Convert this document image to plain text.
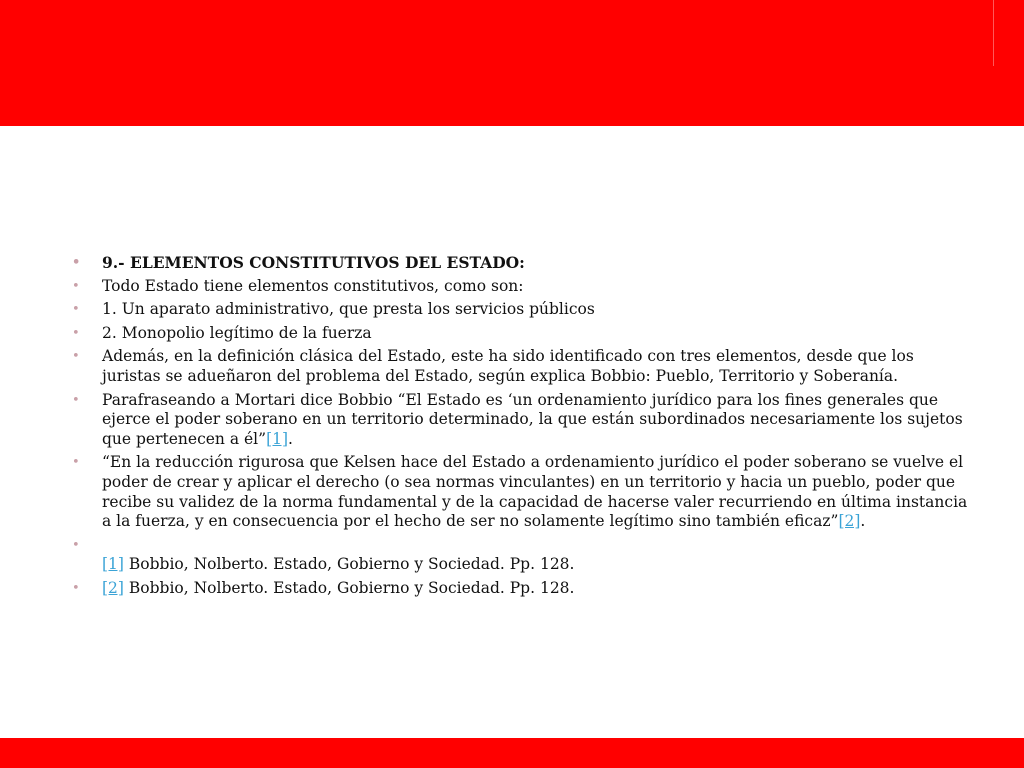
•	9.- ELEMENTOS CONSTITUTIVOS DEL ESTADO:
•	Todo Estado tiene elementos constitutivos, como son:
•	1. Un aparato administrativo, que presta los servicios públicos
•	2. Monopolio legítimo de la fuerza
•	Además, en la definición clásica del Estado, este ha sido identificado con tres elementos, desde que los juristas se adueñaron del problema del Estado, según explica Bobbio: Pueblo, Territorio y Soberanía.
•	Parafraseando a Mortari dice Bobbio “El Estado es ‘un ordenamiento jurídico para los fines generales que ejerce el poder soberano en un territorio determinado, la que están subordinados necesariamente los sujetos que pertenecen a él”[1].
•	“En la reducción rigurosa que Kelsen hace del Estado a ordenamiento jurídico el poder soberano se vuelve el poder de crear y aplicar el derecho (o sea normas vinculantes) en un territorio y hacia un pueblo, poder que recibe su validez de la norma fundamental y de la capacidad de hacerse valer recurriendo en última instancia a la fuerza, y en consecuencia por el hecho de ser no solamente legítimo sino también eficaz”[2].
•

[1] Bobbio, Nolberto. Estado, Gobierno y Sociedad. Pp. 128.
•	[2] Bobbio, Nolberto. Estado, Gobierno y Sociedad. Pp. 128.
